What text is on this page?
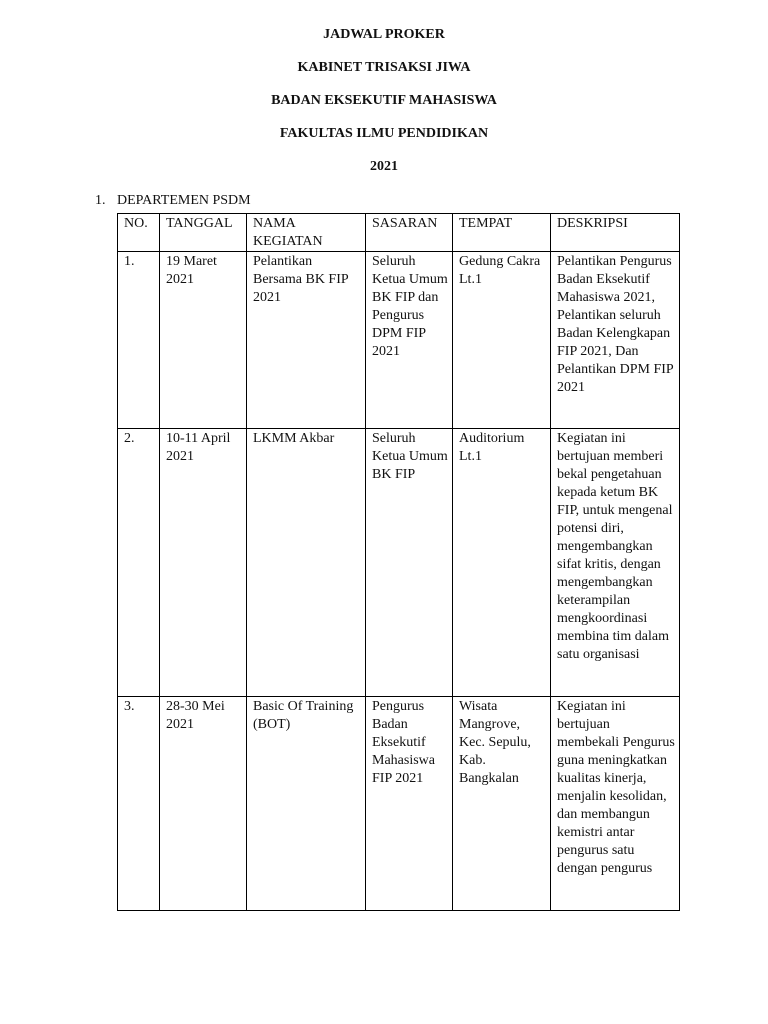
JADWAL PROKER
KABINET TRISAKSI JIWA
BADAN EKSEKUTIF MAHASISWA
FAKULTAS ILMU PENDIDIKAN
2021
1. DEPARTEMEN PSDM
NO.	TANGGAL	NAMA KEGIATAN	SASARAN	TEMPAT	DESKRIPSI
1.	19 Maret 2021	Pelantikan Bersama BK FIP 2021	Seluruh Ketua Umum BK FIP dan Pengurus DPM FIP 2021	Gedung Cakra Lt.1	Pelantikan Pengurus Badan Eksekutif Mahasiswa 2021, Pelantikan seluruh Badan Kelengkapan FIP 2021, Dan Pelantikan DPM FIP 2021
2.	10-11 April 2021	LKMM Akbar	Seluruh Ketua Umum BK FIP	Auditorium Lt.1	Kegiatan ini bertujuan memberi bekal pengetahuan kepada ketum BK FIP, untuk mengenal potensi diri, mengembangkan sifat kritis, dengan mengembangkan keterampilan mengkoordinasi membina tim dalam satu organisasi
3.	28-30 Mei 2021	Basic Of Training (BOT)	Pengurus Badan Eksekutif Mahasiswa FIP 2021	Wisata Mangrove, Kec. Sepulu, Kab. Bangkalan	Kegiatan ini bertujuan membekali Pengurus guna meningkatkan kualitas kinerja, menjalin kesolidan, dan membangun kemistri antar pengurus satu dengan pengurus
